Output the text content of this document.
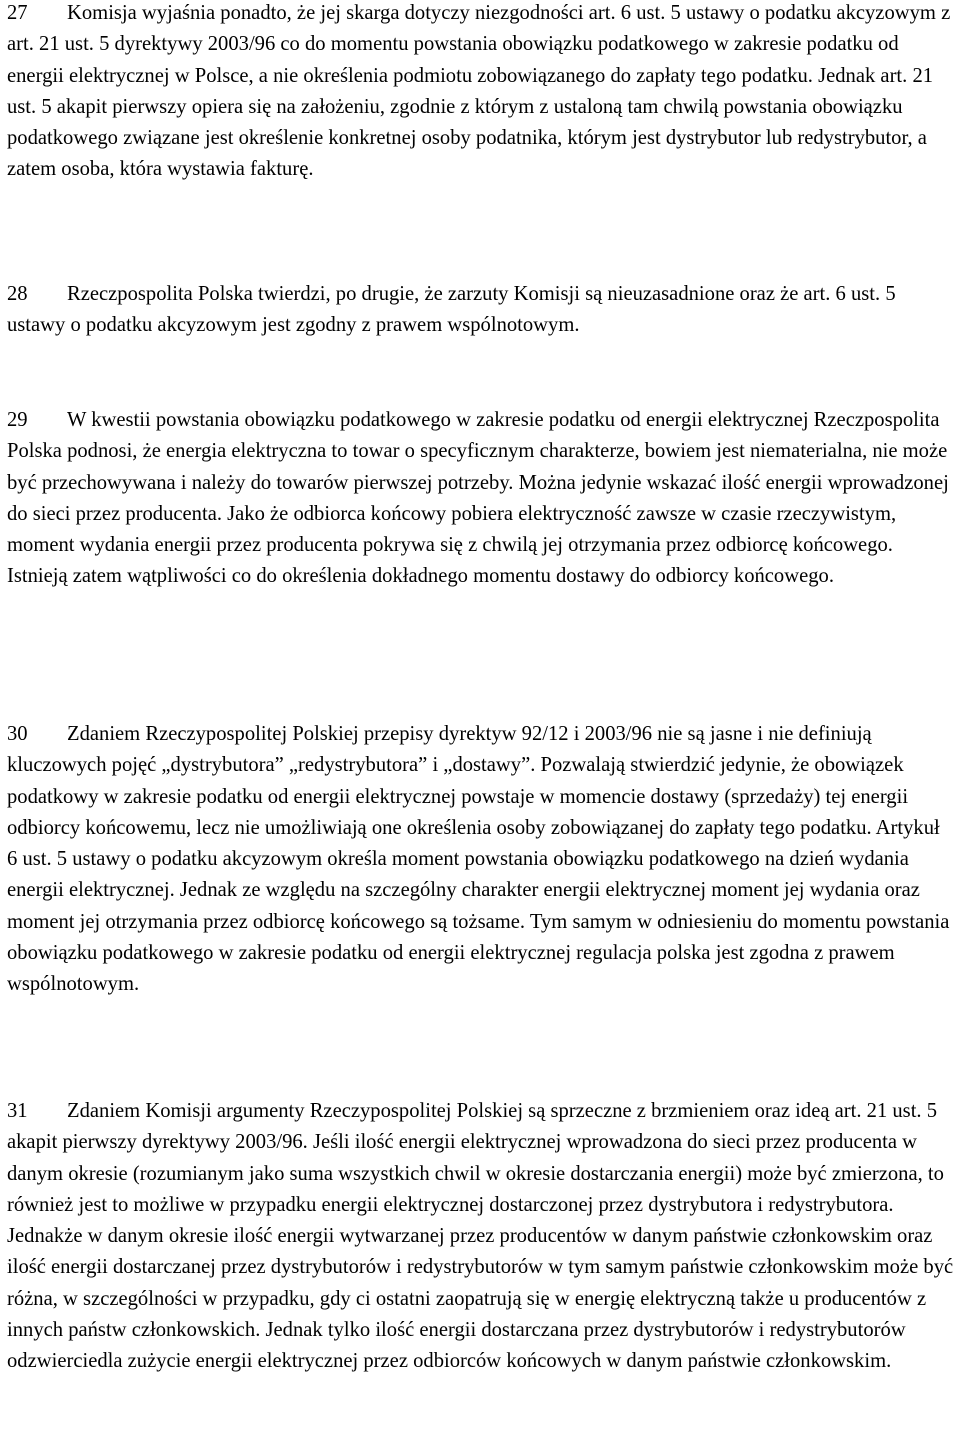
27 Komisja wyjaśnia ponadto, że jej skarga dotyczy niezgodności art. 6 ust. 5 ustawy o podatku akcyzowym z art. 21 ust. 5 dyrektywy 2003/96 co do momentu powstania obowiązku podatkowego w zakresie podatku od energii elektrycznej w Polsce, a nie określenia podmiotu zobowiązanego do zapłaty tego podatku. Jednak art. 21 ust. 5 akapit pierwszy opiera się na założeniu, zgodnie z którym z ustaloną tam chwilą powstania obowiązku podatkowego związane jest określenie konkretnej osoby podatnika, którym jest dystrybutor lub redystrybutor, a zatem osoba, która wystawia fakturę.

28 Rzeczpospolita Polska twierdzi, po drugie, że zarzuty Komisji są nieuzasadnione oraz że art. 6 ust. 5 ustawy o podatku akcyzowym jest zgodny z prawem wspólnotowym.

29 W kwestii powstania obowiązku podatkowego w zakresie podatku od energii elektrycznej Rzeczpospolita Polska podnosi, że energia elektryczna to towar o specyficznym charakterze, bowiem jest niematerialna, nie może być przechowywana i należy do towarów pierwszej potrzeby. Można jedynie wskazać ilość energii wprowadzonej do sieci przez producenta. Jako że odbiorca końcowy pobiera elektryczność zawsze w czasie rzeczywistym, moment wydania energii przez producenta pokrywa się z chwilą jej otrzymania przez odbiorcę końcowego. Istnieją zatem wątpliwości co do określenia dokładnego momentu dostawy do odbiorcy końcowego.

30 Zdaniem Rzeczypospolitej Polskiej przepisy dyrektyw 92/12 i 2003/96 nie są jasne i nie definiują kluczowych pojęć „dystrybutora” „redystrybutora” i „dostawy”. Pozwalają stwierdzić jedynie, że obowiązek podatkowy w zakresie podatku od energii elektrycznej powstaje w momencie dostawy (sprzedaży) tej energii odbiorcy końcowemu, lecz nie umożliwiają one określenia osoby zobowiązanej do zapłaty tego podatku. Artykuł 6 ust. 5 ustawy o podatku akcyzowym określa moment powstania obowiązku podatkowego na dzień wydania energii elektrycznej. Jednak ze względu na szczególny charakter energii elektrycznej moment jej wydania oraz moment jej otrzymania przez odbiorcę końcowego są tożsame. Tym samym w odniesieniu do momentu powstania obowiązku podatkowego w zakresie podatku od energii elektrycznej regulacja polska jest zgodna z prawem wspólnotowym.

31 Zdaniem Komisji argumenty Rzeczypospolitej Polskiej są sprzeczne z brzmieniem oraz ideą art. 21 ust. 5 akapit pierwszy dyrektywy 2003/96. Jeśli ilość energii elektrycznej wprowadzona do sieci przez producenta w danym okresie (rozumianym jako suma wszystkich chwil w okresie dostarczania energii) może być zmierzona, to również jest to możliwe w przypadku energii elektrycznej dostarczonej przez dystrybutora i redystrybutora. Jednakże w danym okresie ilość energii wytwarzanej przez producentów w danym państwie członkowskim oraz ilość energii dostarczanej przez dystrybutorów i redystrybutorów w tym samym państwie członkowskim może być różna, w szczególności w przypadku, gdy ci ostatni zaopatrują się w energię elektryczną także u producentów z innych państw członkowskich. Jednak tylko ilość energii dostarczana przez dystrybutorów i redystrybutorów odzwierciedla zużycie energii elektrycznej przez odbiorców końcowych w danym państwie członkowskim.
